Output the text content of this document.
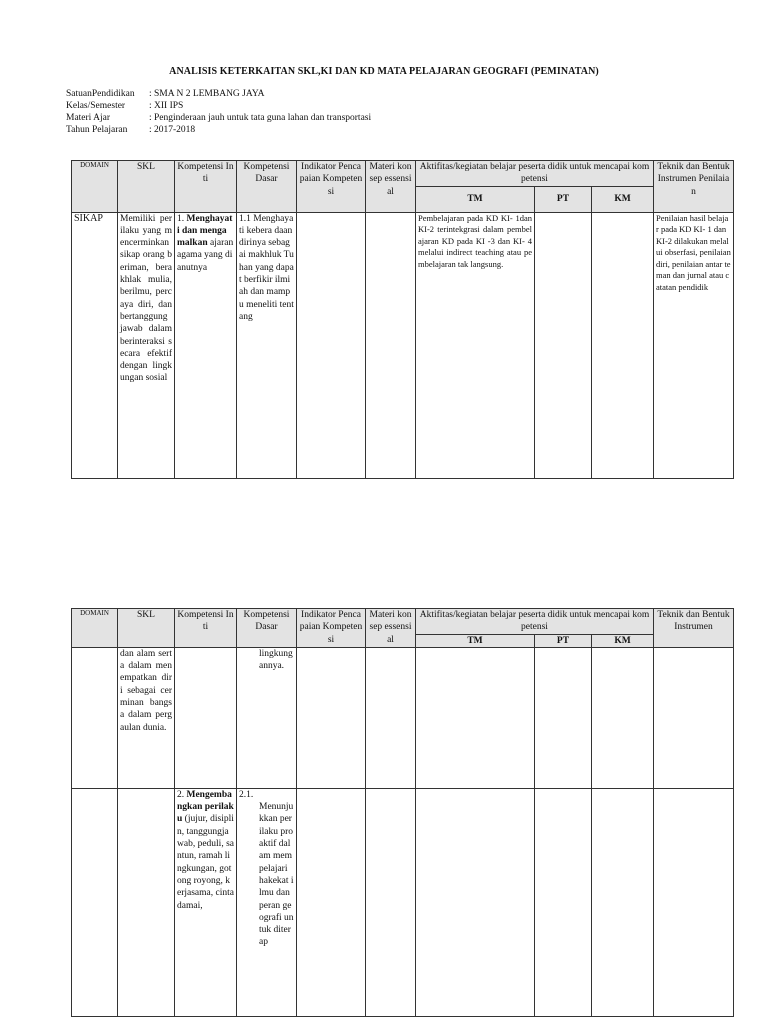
ANALISIS KETERKAITAN SKL,KI DAN KD MATA PELAJARAN GEOGRAFI (PEMINATAN)
SatuanPendidikan : SMA N 2 LEMBANG JAYA
Kelas/Semester	: XII IPS
Materi Ajar	: Penginderaan jauh untuk tata guna lahan dan transportasi
Tahun Pelajaran : 2017-2018
DOMAIN	SKL	Kompetensi Inti	Kompetensi Dasar	Indikator Pencapaian Kompetensi	Materi konsep essensial	Aktifitas/kegiatan belajar peserta didik untuk mencapai kompetensi			Teknik dan Bentuk Instrumen Penilaian
						TM	PT	KM	
SIKAP	Memiliki perilaku yang mencerminkan sikap orang beriman, berakhlak mulia, berilmu, percaya diri, dan bertanggung jawab dalam berinteraksi secara efektif dengan lingkungan sosial	1. Menghayati dan mengamalkan ajaran agama yang dianutnya	1.1 Menghayati kebera daan dirinya sebagai makhluk Tuhan yang dapat berfikir ilmiah dan mampu meneliti tentang			Pembelajaran pada KD KI- 1dan KI-2 terintekgrasi dalam pembelajaran KD pada KI -3 dan KI- 4 melalui indirect teaching atau pembelajaran tak langsung.			Penilaian hasil belajar pada KD KI- 1 dan KI-2 dilakukan melalui obserfasi, penilaian diri, penilaian antar teman dan jurnal atau catatan pendidik
DOMAIN	SKL	Kompetensi Inti	Kompetensi Dasar	Indikator Pencapaian Kompetensi	Materi konsep essensial	Aktifitas/kegiatan belajar peserta didik untuk mencapai kompetensi			Teknik dan Bentuk Instrumen
						TM	PT	KM	
	dan alam serta dalam menempatkan diri sebagai cerminan bangsa dalam pergaulan dunia.		lingkungannya.						
		2. Mengembangkan perilaku (jujur, disiplin, tanggungjawab, peduli, santun, ramah lingkungan, gotong royong, kerjasama, cinta damai,	2.1.
Menunjukkan perilaku proaktif dalam mempelajari hakekat ilmu dan peran geografi untuk diterap						
